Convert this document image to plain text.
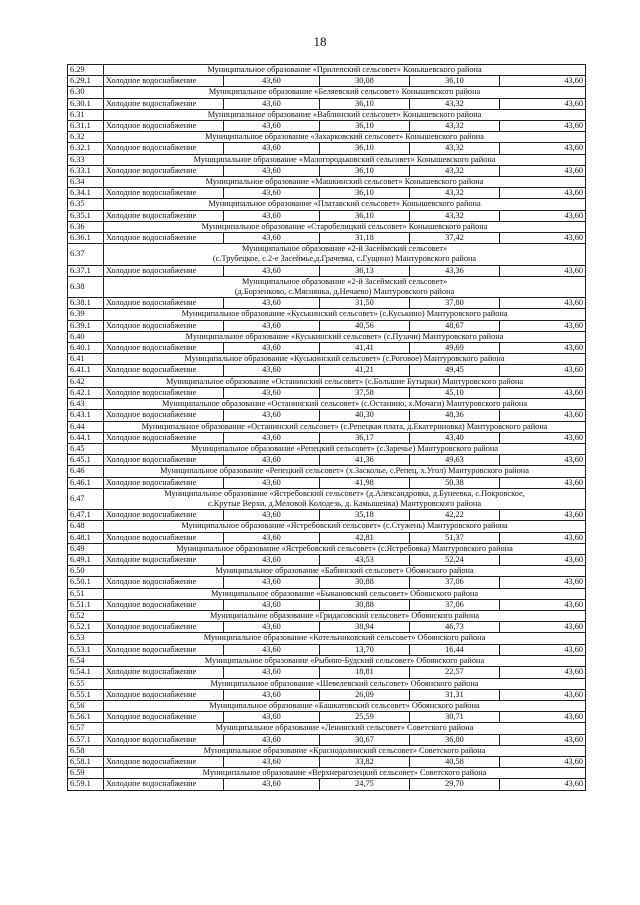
18
6.29	Муниципальное образование «Прилепский сельсовет» Конышевского района				
6.29.1	Холодное водоснабжение	43,60	30,08	36,10	43,60
6.30	Муниципальное образование «Беляевский сельсовет» Конышевского района				
6.30.1	Холодное водоснабжение	43,60	36,10	43,32	43,60
6.31	Муниципальное образование «Ваблинский сельсовет» Конышевского района				
6.31.1	Холодное водоснабжение	43,60	36,10	43,32	43,60
6.32	Муниципальное образование «Захарковский сельсовет» Конышевского района				
6.32.1	Холодное водоснабжение	43,60	36,10	43,32	43,60
6.33	Муниципальное образование «Малогородьковский сельсовет» Конышевского района				
6.33.1	Холодное водоснабжение	43,60	36,10	43,32	43,60
6.34	Муниципальное образование «Машкинский сельсовет» Конышевского района				
6.34.1	Холодное водоснабжение	43,60	36,10	43,32	43,60
6.35	Муниципальное образование «Платавский сельсовет» Конышевского района				
6.35.1	Холодное водоснабжение	43,60	36,10	43,32	43,60
6.36	Муниципальное образование «Старобелицкий сельсовет» Конышевского района				
6.36.1	Холодное водоснабжение	43,60	31,18	37,42	43,60
6.37	Муниципальное образование «2-й Засеймский сельсовет»
(с.Трубецкое, с.2-е Засеймье,д.Грачевка, с.Гущино) Мантуровского района				

6.37.1	Холодное водоснабжение	43,60	36,13	43,36	43,60
6.38	Муниципальное образование «2-й Засеймский сельсовет»
(д.Борзенково, с.Мяснянка, д.Нечаево) Мантуровского района				

6.38.1	Холодное водоснабжение	43,60	31,50	37,80	43,60
6.39	Муниципальное образование «Куськинский сельсовет» (с.Куськино) Мантуровского района				
6.39.1	Холодное водоснабжение	43,60	40,56	48,67	43,60
6.40	Муниципальное образование «Куськинский сельсовет» (с.Пузачи) Мантуровского района				
6.40.1	Холодное водоснабжение	43,60	41,41	49,69	43,60
6.41	Муниципальное образование «Куськинский сельсовет» (с.Роговое) Мантуровского района				
6.41.1	Холодное водоснабжение	43,60	41,21	49,45	43,60
6.42	Муниципальное образование «Останинский сельсовет» (с.Большие Бутырки) Мантуровского района				
6.42.1	Холодное водоснабжение	43,60	37,58	45,10	43,60
6.43	Муниципальное образование «Останинский сельсовет» (с.Останино, х.Мочаги) Мантуровского района				
6.43.1	Холодное водоснабжение	43,60	40,30	48,36	43,60
6.44	Муниципальное образование «Останинский сельсовет» (с.Репецкая плата, д.Екатериновка) Мантуровского района				
6.44.1	Холодное водоснабжение	43,60	36,17	43,40	43,60
6.45	Муниципальное образование «Репецкий сельсовет» (с.Заречье) Мантуровского района				
6.45.1	Холодное водоснабжение	43,60	41,36	49,63	43,60
6.46	Муниципальное образование «Репецкий сельсовет» (х.Засколье, с.Репец, х.Угол) Мантуровского района				
6.46.1	Холодное водоснабжение	43,60	41,98	50,38	43,60
6.47	Муниципальное образование «Ястребовский сельсовет» (д.Александровка, д.Бунеевка, с.Покровское,
с.Крутые Верхи, д.Меловой Колодезь, д. Камышенка) Мантуровского района				

6.47.1	Холодное водоснабжение	43,60	35,18	42,22	43,60
6.48	Муниципальное образование «Ястребовский сельсовет» (с.Стужень) Мантуровского района				
6.48.1	Холодное водоснабжение	43,60	42,81	51,37	43,60
6.49	Муниципальное образование «Ястребовский сельсовет» (с.Ястребовка) Мантуровского района				
6.49.1	Холодное водоснабжение	43,60	43,53	52,24	43,60
6.50	Муниципальное образование «Бабинский сельсовет» Обоянского района				
6.50.1	Холодное водоснабжение	43,60	30,88	37,06	43,60
6.51	Муниципальное образование «Быкановский сельсовет» Обоянского района				
6.51.1	Холодное водоснабжение	43,60	30,88	37,06	43,60
6.52	Муниципальное образование «Гридасовский сельсовет» Обоянского района				
6.52.1	Холодное водоснабжение	43,60	38,94	46,73	43,60
6.53	Муниципальное образование «Котельниковский сельсовет» Обоянского района				
6.53.1	Холодное водоснабжение	43,60	13,70	16,44	43,60
6.54	Муниципальное образование «Рыбино-Будский сельсовет» Обоянского района				
6.54.1	Холодное водоснабжение	43,60	18,81	22,57	43,60
6.55	Муниципальное образование «Шевелевский сельсовет» Обоянского района				
6.55.1	Холодное водоснабжение	43,60	26,09	31,31	43,60
6.56	Муниципальное образование «Башкатовский сельсовет» Обоянского района				
6.56.1	Холодное водоснабжение	43,60	25,59	30,71	43,60
6.57	Муниципальное образование «Ленинский сельсовет» Советского района				
6.57.1	Холодное водоснабжение	43,60	30,67	36,80	43,60
6.58	Муниципальное образование «Краснодолинский сельсовет» Советского района				
6.58.1	Холодное водоснабжение	43,60	33,82	40,58	43,60
6.59	Муниципальное образование «Верхнерагозецкий сельсовет» Советского района				
6.59.1	Холодное водоснабжение	43,60	24,75	29,70	43,60
